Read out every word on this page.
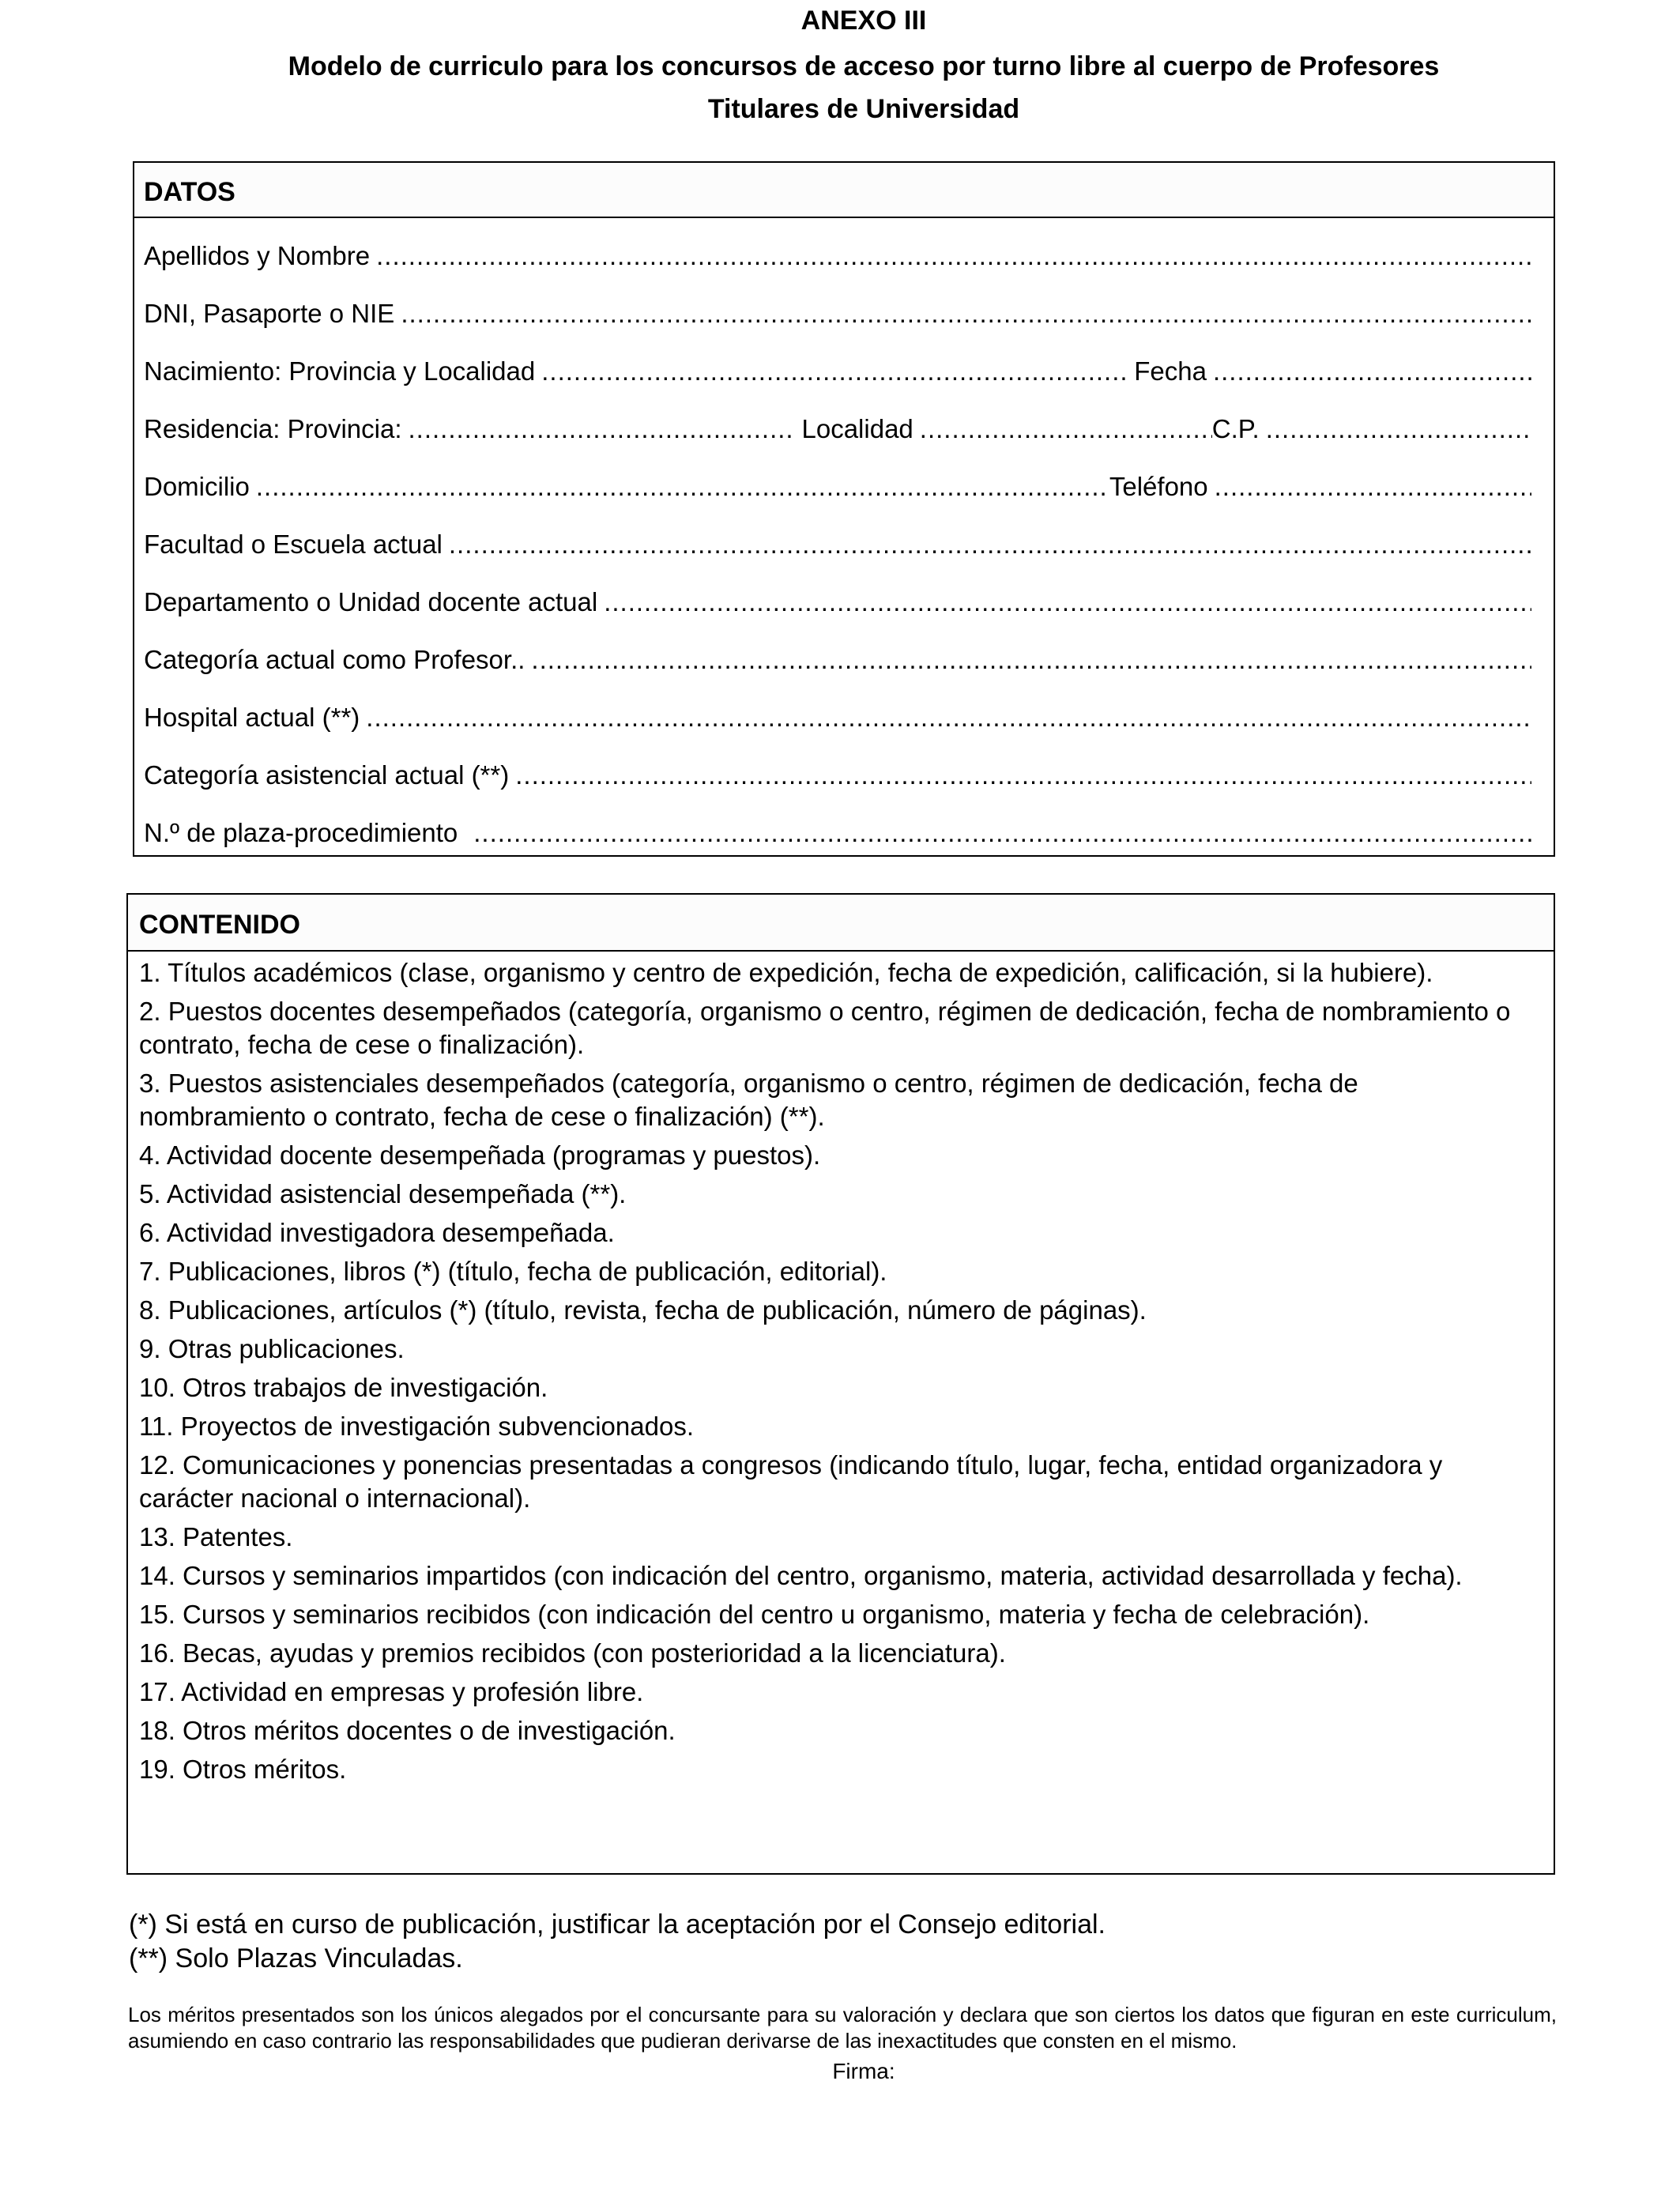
ANEXO III
Modelo de curriculo para los concursos de acceso por turno libre al cuerpo de Profesores
Titulares de Universidad
DATOS
Apellidos y Nombre
.....
DNI, Pasaporte o NIE
.....
Nacimiento: Provincia y Localidad .....	Fecha
.....
Residencia: Provincia: .....	Localidad .....	C.P.
.....
Domicilio .....	Teléfono
.....
Facultad o Escuela actual
.....
Departamento o Unidad docente actual
.....
Categoría actual como Profesor..
.....
Hospital actual (**)
.....
Categoría asistencial actual (**)
.....
N.º de plaza-procedimiento
.....
CONTENIDO
1. Títulos académicos (clase, organismo y centro de expedición, fecha de expedición, calificación, si la hubiere).
2. Puestos docentes desempeñados (categoría, organismo o centro, régimen de dedicación, fecha de nombramiento o contrato, fecha de cese o finalización).
3. Puestos asistenciales desempeñados (categoría, organismo o centro, régimen de dedicación, fecha de nombramiento o contrato, fecha de cese o finalización) (**).
4. Actividad docente desempeñada (programas y puestos).
5. Actividad asistencial desempeñada (**).
6. Actividad investigadora desempeñada.
7. Publicaciones, libros (*) (título, fecha de publicación, editorial).
8. Publicaciones, artículos (*) (título, revista, fecha de publicación, número de páginas).
9. Otras publicaciones.
10. Otros trabajos de investigación.
11. Proyectos de investigación subvencionados.
12. Comunicaciones y ponencias presentadas a congresos (indicando título, lugar, fecha, entidad organizadora y carácter nacional o internacional).
13. Patentes.
14. Cursos y seminarios impartidos (con indicación del centro, organismo, materia, actividad desarrollada y fecha).
15. Cursos y seminarios recibidos (con indicación del centro u organismo, materia y fecha de celebración).
16. Becas, ayudas y premios recibidos (con posterioridad a la licenciatura).
17. Actividad en empresas y profesión libre.
18. Otros méritos docentes o de investigación.
19. Otros méritos.
(*) Si está en curso de publicación, justificar la aceptación por el Consejo editorial.
(**) Solo Plazas Vinculadas.
Los méritos presentados son los únicos alegados por el concursante para su valoración y declara que son ciertos los datos que figuran en este curriculum, asumiendo en caso contrario las responsabilidades que pudieran derivarse de las inexactitudes que consten en el mismo.
Firma:
